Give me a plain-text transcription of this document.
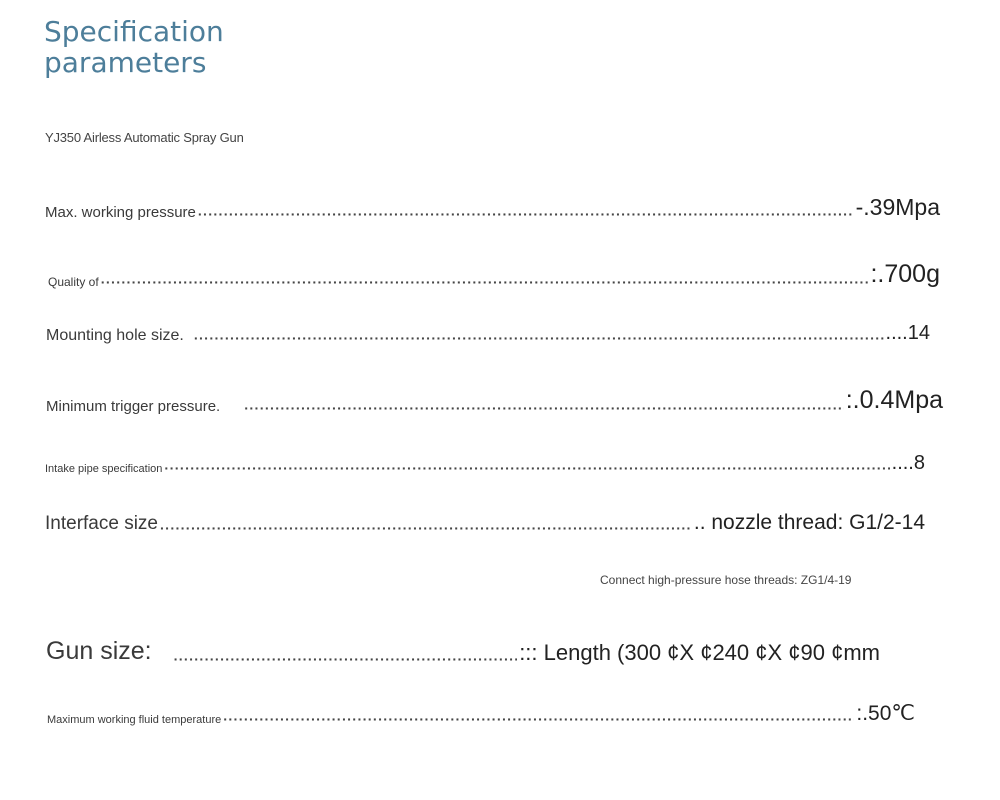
Specification
parameters
YJ350 Airless Automatic Spray Gun
Max. working pressure ·····	-.39Mpa
Quality of ·····	:.700g
Mounting hole size. ·····	....14
Minimum trigger pressure. ·····	:.0.4Mpa
Intake pipe specification ·····	....8
Interface size ·····	.. nozzle thread: G1/2-14
Connect high-pressure hose threads: ZG1/4-19
Gun size: ·····	::: Length (300 ¢X ¢240 ¢X ¢90 ¢mm
Maximum working fluid temperature ·····	:.50℃
